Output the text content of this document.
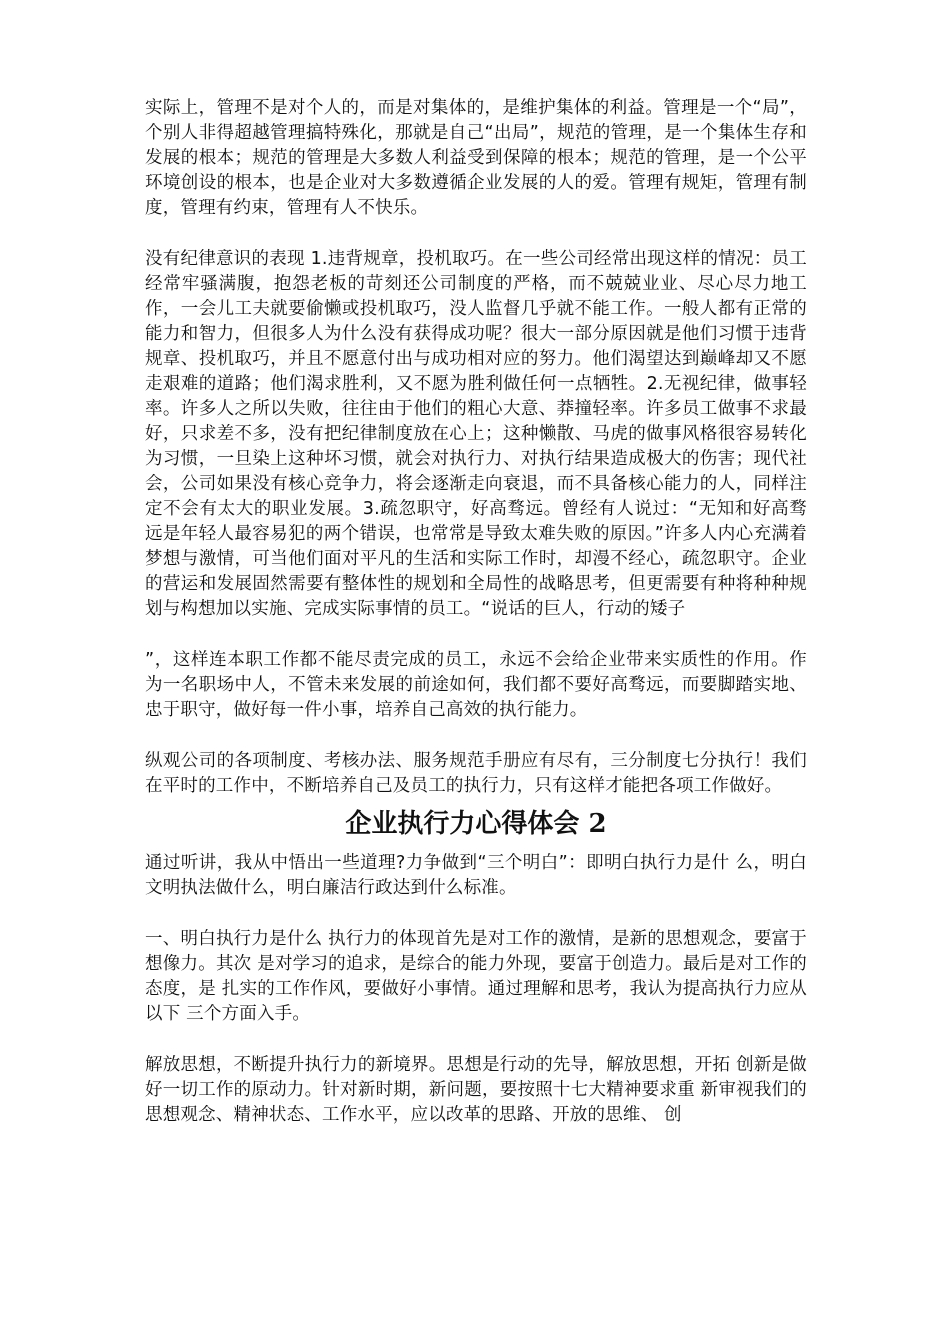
实际上，管理不是对个人的，而是对集体的，是维护集体的利益。管理是一个“局”，个别人非得超越管理搞特殊化，那就是自己“出局”，规范的管理，是一个集体生存和发展的根本；规范的管理是大多数人利益受到保障的根本；规范的管理，是一个公平环境创设的根本，也是企业对大多数遵循企业发展的人的爱。管理有规矩，管理有制度，管理有约束，管理有人不快乐。

没有纪律意识的表现 1.违背规章，投机取巧。在一些公司经常出现这样的情况：员工经常牢骚满腹，抱怨老板的苛刻还公司制度的严格，而不兢兢业业、尽心尽力地工作，一会儿工夫就要偷懒或投机取巧，没人监督几乎就不能工作。一般人都有正常的能力和智力，但很多人为什么没有获得成功呢？很大一部分原因就是他们习惯于违背规章、投机取巧，并且不愿意付出与成功相对应的努力。他们渴望达到巅峰却又不愿走艰难的道路；他们渴求胜利，又不愿为胜利做任何一点牺牲。2.无视纪律，做事轻率。许多人之所以失败，往往由于他们的粗心大意、莽撞轻率。许多员工做事不求最好，只求差不多，没有把纪律制度放在心上；这种懒散、马虎的做事风格很容易转化为习惯，一旦染上这种坏习惯，就会对执行力、对执行结果造成极大的伤害；现代社会，公司如果没有核心竞争力，将会逐渐走向衰退，而不具备核心能力的人，同样注定不会有太大的职业发展。3.疏忽职守，好高骛远。曾经有人说过：“无知和好高骛远是年轻人最容易犯的两个错误，也常常是导致太难失败的原因。”许多人内心充满着梦想与激情，可当他们面对平凡的生活和实际工作时，却漫不经心，疏忽职守。企业的营运和发展固然需要有整体性的规划和全局性的战略思考，但更需要有种将种种规划与构想加以实施、完成实际事情的员工。“说话的巨人，行动的矮子

”，这样连本职工作都不能尽责完成的员工，永远不会给企业带来实质性的作用。作为一名职场中人，不管未来发展的前途如何，我们都不要好高骛远，而要脚踏实地、忠于职守，做好每一件小事，培养自己高效的执行能力。

纵观公司的各项制度、考核办法、服务规范手册应有尽有，三分制度七分执行！我们在平时的工作中，不断培养自己及员工的执行力，只有这样才能把各项工作做好。

企业执行力心得体会 2

通过听讲，我从中悟出一些道理?力争做到“三个明白”：即明白执行力是什 么，明白文明执法做什么，明白廉洁行政达到什么标准。

一、明白执行力是什么 执行力的体现首先是对工作的激情，是新的思想观念，要富于想像力。其次 是对学习的追求，是综合的能力外现，要富于创造力。最后是对工作的态度，是 扎实的工作作风，要做好小事情。通过理解和思考，我认为提高执行力应从以下 三个方面入手。

解放思想，不断提升执行力的新境界。思想是行动的先导，解放思想，开拓 创新是做好一切工作的原动力。针对新时期，新问题，要按照十七大精神要求重 新审视我们的思想观念、精神状态、工作水平，应以改革的思路、开放的思维、 创
